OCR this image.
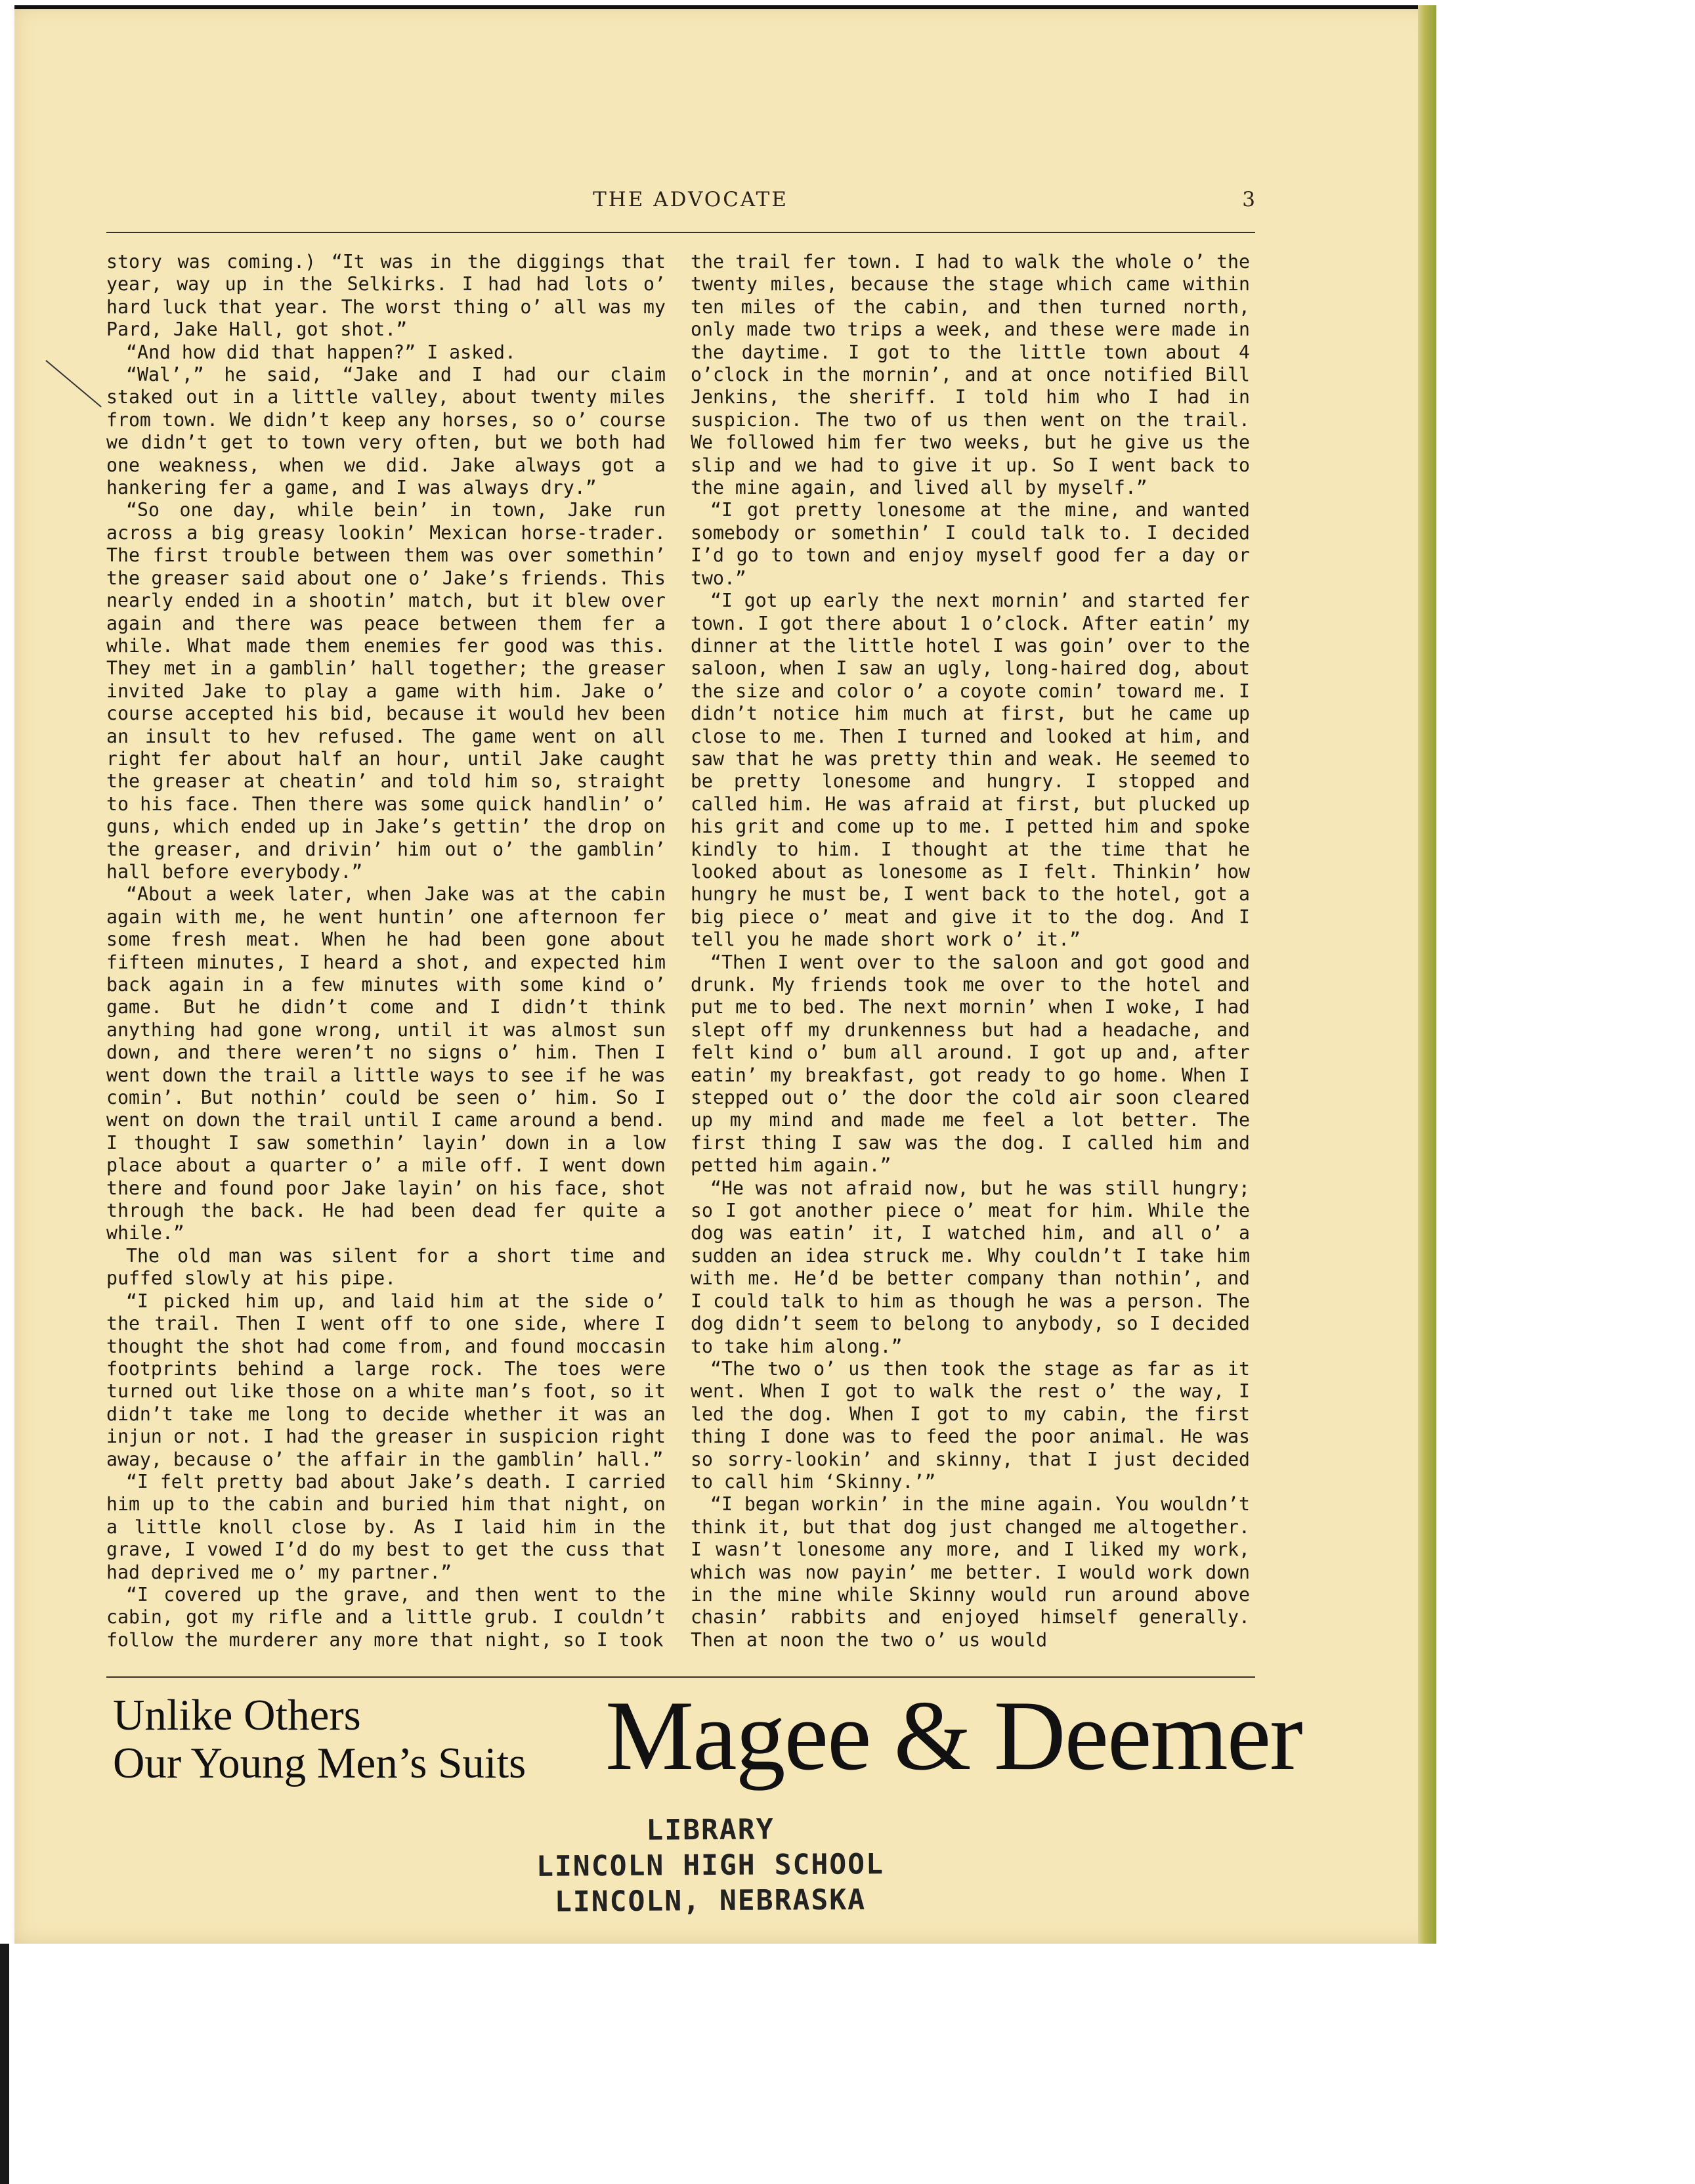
THE ADVOCATE	3

story was coming.) “It was in the diggings that year, way up in the Selkirks. I had had lots o’ hard luck that year. The worst thing o’ all was my Pard, Jake Hall, got shot.”

“And how did that happen?” I asked.

“Wal’,” he said, “Jake and I had our claim staked out in a little valley, about twenty miles from town. We didn’t keep any horses, so o’ course we didn’t get to town very often, but we both had one weakness, when we did. Jake always got a hankering fer a game, and I was always dry.”

“So one day, while bein’ in town, Jake run across a big greasy lookin’ Mexican horse-trader. The first trouble between them was over somethin’ the greaser said about one o’ Jake’s friends. This nearly ended in a shootin’ match, but it blew over again and there was peace between them fer a while. What made them enemies fer good was this. They met in a gamblin’ hall together; the greaser invited Jake to play a game with him. Jake o’ course accepted his bid, because it would hev been an insult to hev refused. The game went on all right fer about half an hour, until Jake caught the greaser at cheatin’ and told him so, straight to his face. Then there was some quick handlin’ o’ guns, which ended up in Jake’s gettin’ the drop on the greaser, and drivin’ him out o’ the gamblin’ hall before everybody.”

“About a week later, when Jake was at the cabin again with me, he went huntin’ one afternoon fer some fresh meat. When he had been gone about fifteen minutes, I heard a shot, and expected him back again in a few minutes with some kind o’ game. But he didn’t come and I didn’t think anything had gone wrong, until it was almost sun down, and there weren’t no signs o’ him. Then I went down the trail a little ways to see if he was comin’. But nothin’ could be seen o’ him. So I went on down the trail until I came around a bend. I thought I saw somethin’ layin’ down in a low place about a quarter o’ a mile off. I went down there and found poor Jake layin’ on his face, shot through the back. He had been dead fer quite a while.”

The old man was silent for a short time and puffed slowly at his pipe.

“I picked him up, and laid him at the side o’ the trail. Then I went off to one side, where I thought the shot had come from, and found moccasin footprints behind a large rock. The toes were turned out like those on a white man’s foot, so it didn’t take me long to decide whether it was an injun or not. I had the greaser in suspicion right away, because o’ the affair in the gamblin’ hall.”

“I felt pretty bad about Jake’s death. I carried him up to the cabin and buried him that night, on a little knoll close by. As I laid him in the grave, I vowed I’d do my best to get the cuss that had deprived me o’ my partner.”

“I covered up the grave, and then went to the cabin, got my rifle and a little grub. I couldn’t follow the murderer any more that night, so I took

the trail fer town. I had to walk the whole o’ the twenty miles, because the stage which came within ten miles of the cabin, and then turned north, only made two trips a week, and these were made in the daytime. I got to the little town about 4 o’clock in the mornin’, and at once notified Bill Jenkins, the sheriff. I told him who I had in suspicion. The two of us then went on the trail. We followed him fer two weeks, but he give us the slip and we had to give it up. So I went back to the mine again, and lived all by myself.”

“I got pretty lonesome at the mine, and wanted somebody or somethin’ I could talk to. I decided I’d go to town and enjoy myself good fer a day or two.”

“I got up early the next mornin’ and started fer town. I got there about 1 o’clock. After eatin’ my dinner at the little hotel I was goin’ over to the saloon, when I saw an ugly, long-haired dog, about the size and color o’ a coyote comin’ toward me. I didn’t notice him much at first, but he came up close to me. Then I turned and looked at him, and saw that he was pretty thin and weak. He seemed to be pretty lonesome and hungry. I stopped and called him. He was afraid at first, but plucked up his grit and come up to me. I petted him and spoke kindly to him. I thought at the time that he looked about as lonesome as I felt. Thinkin’ how hungry he must be, I went back to the hotel, got a big piece o’ meat and give it to the dog. And I tell you he made short work o’ it.”

“Then I went over to the saloon and got good and drunk. My friends took me over to the hotel and put me to bed. The next mornin’ when I woke, I had slept off my drunkenness but had a headache, and felt kind o’ bum all around. I got up and, after eatin’ my breakfast, got ready to go home. When I stepped out o’ the door the cold air soon cleared up my mind and made me feel a lot better. The first thing I saw was the dog. I called him and petted him again.”

“He was not afraid now, but he was still hungry; so I got another piece o’ meat for him. While the dog was eatin’ it, I watched him, and all o’ a sudden an idea struck me. Why couldn’t I take him with me. He’d be better company than nothin’, and I could talk to him as though he was a person. The dog didn’t seem to belong to anybody, so I decided to take him along.”

“The two o’ us then took the stage as far as it went. When I got to walk the rest o’ the way, I led the dog. When I got to my cabin, the first thing I done was to feed the poor animal. He was so sorry-lookin’ and skinny, that I just decided to call him ‘Skinny.’”

“I began workin’ in the mine again. You wouldn’t think it, but that dog just changed me altogether. I wasn’t lonesome any more, and I liked my work, which was now payin’ me better. I would work down in the mine while Skinny would run around above chasin’ rabbits and enjoyed himself generally. Then at noon the two o’ us would

Unlike Others
Our Young Men’s Suits Magee & Deemer
LIBRARY
LINCOLN HIGH SCHOOL
LINCOLN, NEBRASKA
